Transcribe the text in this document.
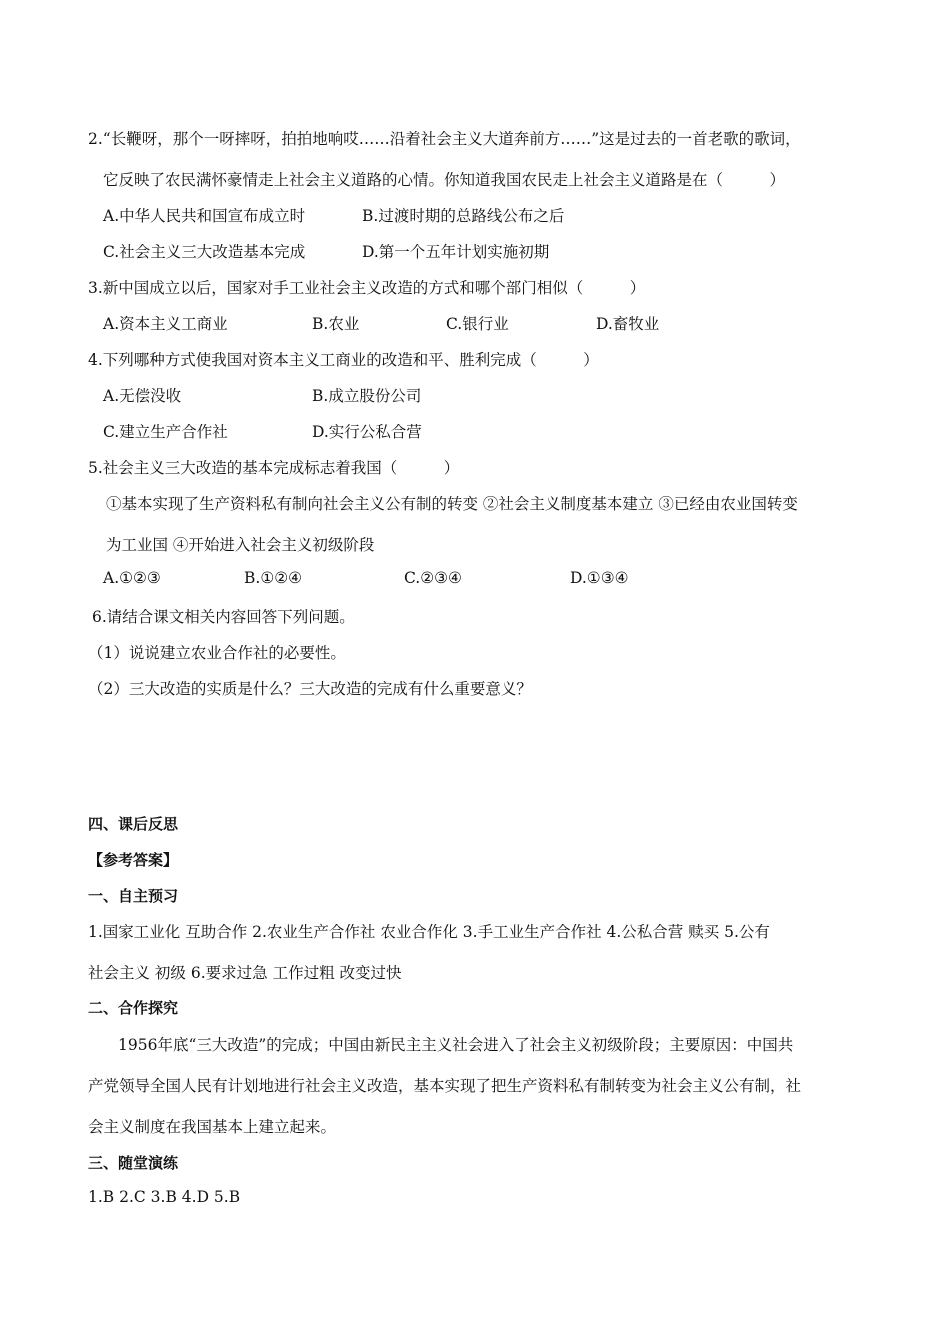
2.“长鞭呀，那个一呀摔呀，拍拍地响哎……沿着社会主义大道奔前方……”这是过去的一首老歌的歌词，
它反映了农民满怀豪情走上社会主义道路的心情。你知道我国农民走上社会主义道路是在（　　　）
A.中华人民共和国宣布成立时	B.过渡时期的总路线公布之后
C.社会主义三大改造基本完成	D.第一个五年计划实施初期
3.新中国成立以后，国家对手工业社会主义改造的方式和哪个部门相似（　　　）
A.资本主义工商业	B.农业	C.银行业	D.畜牧业
4.下列哪种方式使我国对资本主义工商业的改造和平、胜利完成（　　　）
A.无偿没收	B.成立股份公司
C.建立生产合作社	D.实行公私合营
5.社会主义三大改造的基本完成标志着我国（　　　）
①基本实现了生产资料私有制向社会主义公有制的转变 ②社会主义制度基本建立 ③已经由农业国转变
为工业国 ④开始进入社会主义初级阶段
A.①②③	B.①②④	C.②③④	D.①③④
6.请结合课文相关内容回答下列问题。
（1）说说建立农业合作社的必要性。
（2）三大改造的实质是什么？三大改造的完成有什么重要意义？
四、课后反思
【参考答案】
一、自主预习
1.国家工业化 互助合作 2.农业生产合作社 农业合作化 3.手工业生产合作社 4.公私合营 赎买 5.公有
社会主义 初级 6.要求过急 工作过粗 改变过快
二、合作探究
1956年底“三大改造”的完成；中国由新民主主义社会进入了社会主义初级阶段；主要原因：中国共
产党领导全国人民有计划地进行社会主义改造，基本实现了把生产资料私有制转变为社会主义公有制，社
会主义制度在我国基本上建立起来。
三、随堂演练
1.B 2.C 3.B 4.D 5.B
